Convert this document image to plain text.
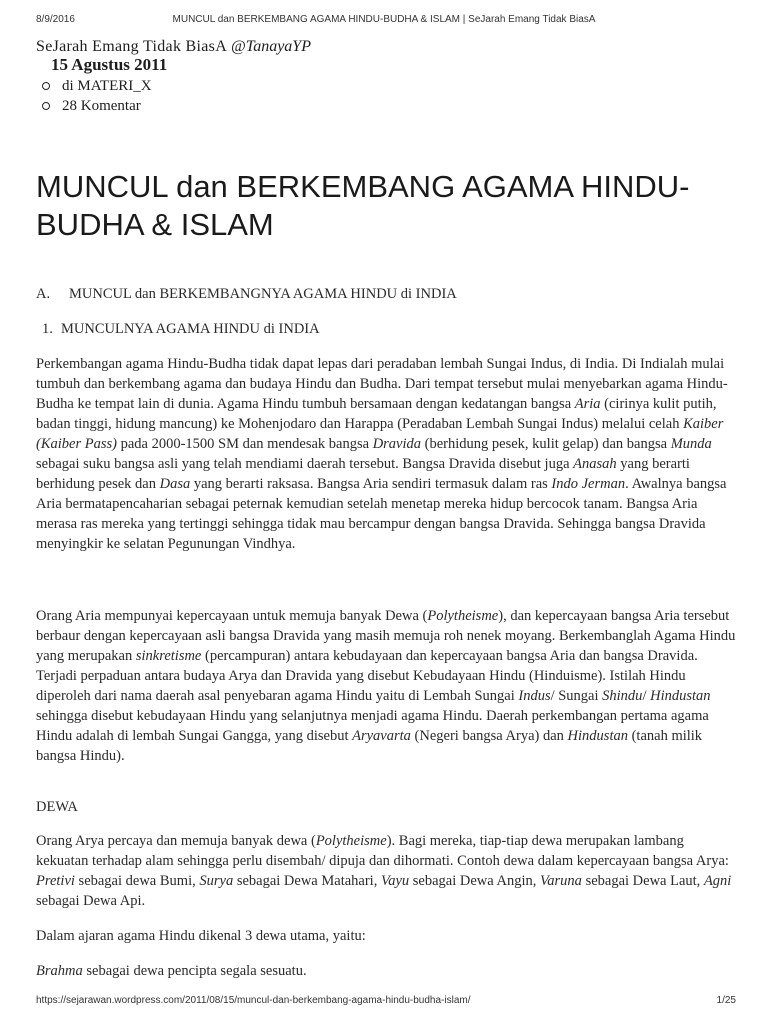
8/9/2016	MUNCUL dan BERKEMBANG AGAMA HINDU-BUDHA & ISLAM | SeJarah Emang Tidak BiasA
SeJarah Emang Tidak BiasA @TanayaYP
15 Agustus 2011
di MATERI_X
28 Komentar
MUNCUL dan BERKEMBANG AGAMA HINDU-BUDHA & ISLAM
A. MUNCUL dan BERKEMBANGNYA AGAMA HINDU di INDIA
1. MUNCULNYA AGAMA HINDU di INDIA

Perkembangan agama Hindu-Budha tidak dapat lepas dari peradaban lembah Sungai Indus, di India. Di Indialah mulai tumbuh dan berkembang agama dan budaya Hindu dan Budha. Dari tempat tersebut mulai menyebarkan agama Hindu-Budha ke tempat lain di dunia. Agama Hindu tumbuh bersamaan dengan kedatangan bangsa Aria (cirinya kulit putih, badan tinggi, hidung mancung) ke Mohenjodaro dan Harappa (Peradaban Lembah Sungai Indus) melalui celah Kaiber (Kaiber Pass) pada 2000-1500 SM dan mendesak bangsa Dravida (berhidung pesek, kulit gelap) dan bangsa Munda sebagai suku bangsa asli yang telah mendiami daerah tersebut. Bangsa Dravida disebut juga Anasah yang berarti berhidung pesek dan Dasa yang berarti raksasa. Bangsa Aria sendiri termasuk dalam ras Indo Jerman. Awalnya bangsa Aria bermatapencaharian sebagai peternak kemudian setelah menetap mereka hidup bercocok tanam. Bangsa Aria merasa ras mereka yang tertinggi sehingga tidak mau bercampur dengan bangsa Dravida. Sehingga bangsa Dravida menyingkir ke selatan Pegunungan Vindhya.

Orang Aria mempunyai kepercayaan untuk memuja banyak Dewa (Polytheisme), dan kepercayaan bangsa Aria tersebut berbaur dengan kepercayaan asli bangsa Dravida yang masih memuja roh nenek moyang. Berkembanglah Agama Hindu yang merupakan sinkretisme (percampuran) antara kebudayaan dan kepercayaan bangsa Aria dan bangsa Dravida. Terjadi perpaduan antara budaya Arya dan Dravida yang disebut Kebudayaan Hindu (Hinduisme). Istilah Hindu diperoleh dari nama daerah asal penyebaran agama Hindu yaitu di Lembah Sungai Indus/ Sungai Shindu/ Hindustan sehingga disebut kebudayaan Hindu yang selanjutnya menjadi agama Hindu. Daerah perkembangan pertama agama Hindu adalah di lembah Sungai Gangga, yang disebut Aryavarta (Negeri bangsa Arya) dan Hindustan (tanah milik bangsa Hindu).

DEWA

Orang Arya percaya dan memuja banyak dewa (Polytheisme). Bagi mereka, tiap-tiap dewa merupakan lambang kekuatan terhadap alam sehingga perlu disembah/ dipuja dan dihormati. Contoh dewa dalam kepercayaan bangsa Arya: Pretivi sebagai dewa Bumi, Surya sebagai Dewa Matahari, Vayu sebagai Dewa Angin, Varuna sebagai Dewa Laut, Agni sebagai Dewa Api.

Dalam ajaran agama Hindu dikenal 3 dewa utama, yaitu:

Brahma sebagai dewa pencipta segala sesuatu.

https://sejarawan.wordpress.com/2011/08/15/muncul-dan-berkembang-agama-hindu-budha-islam/	1/25
